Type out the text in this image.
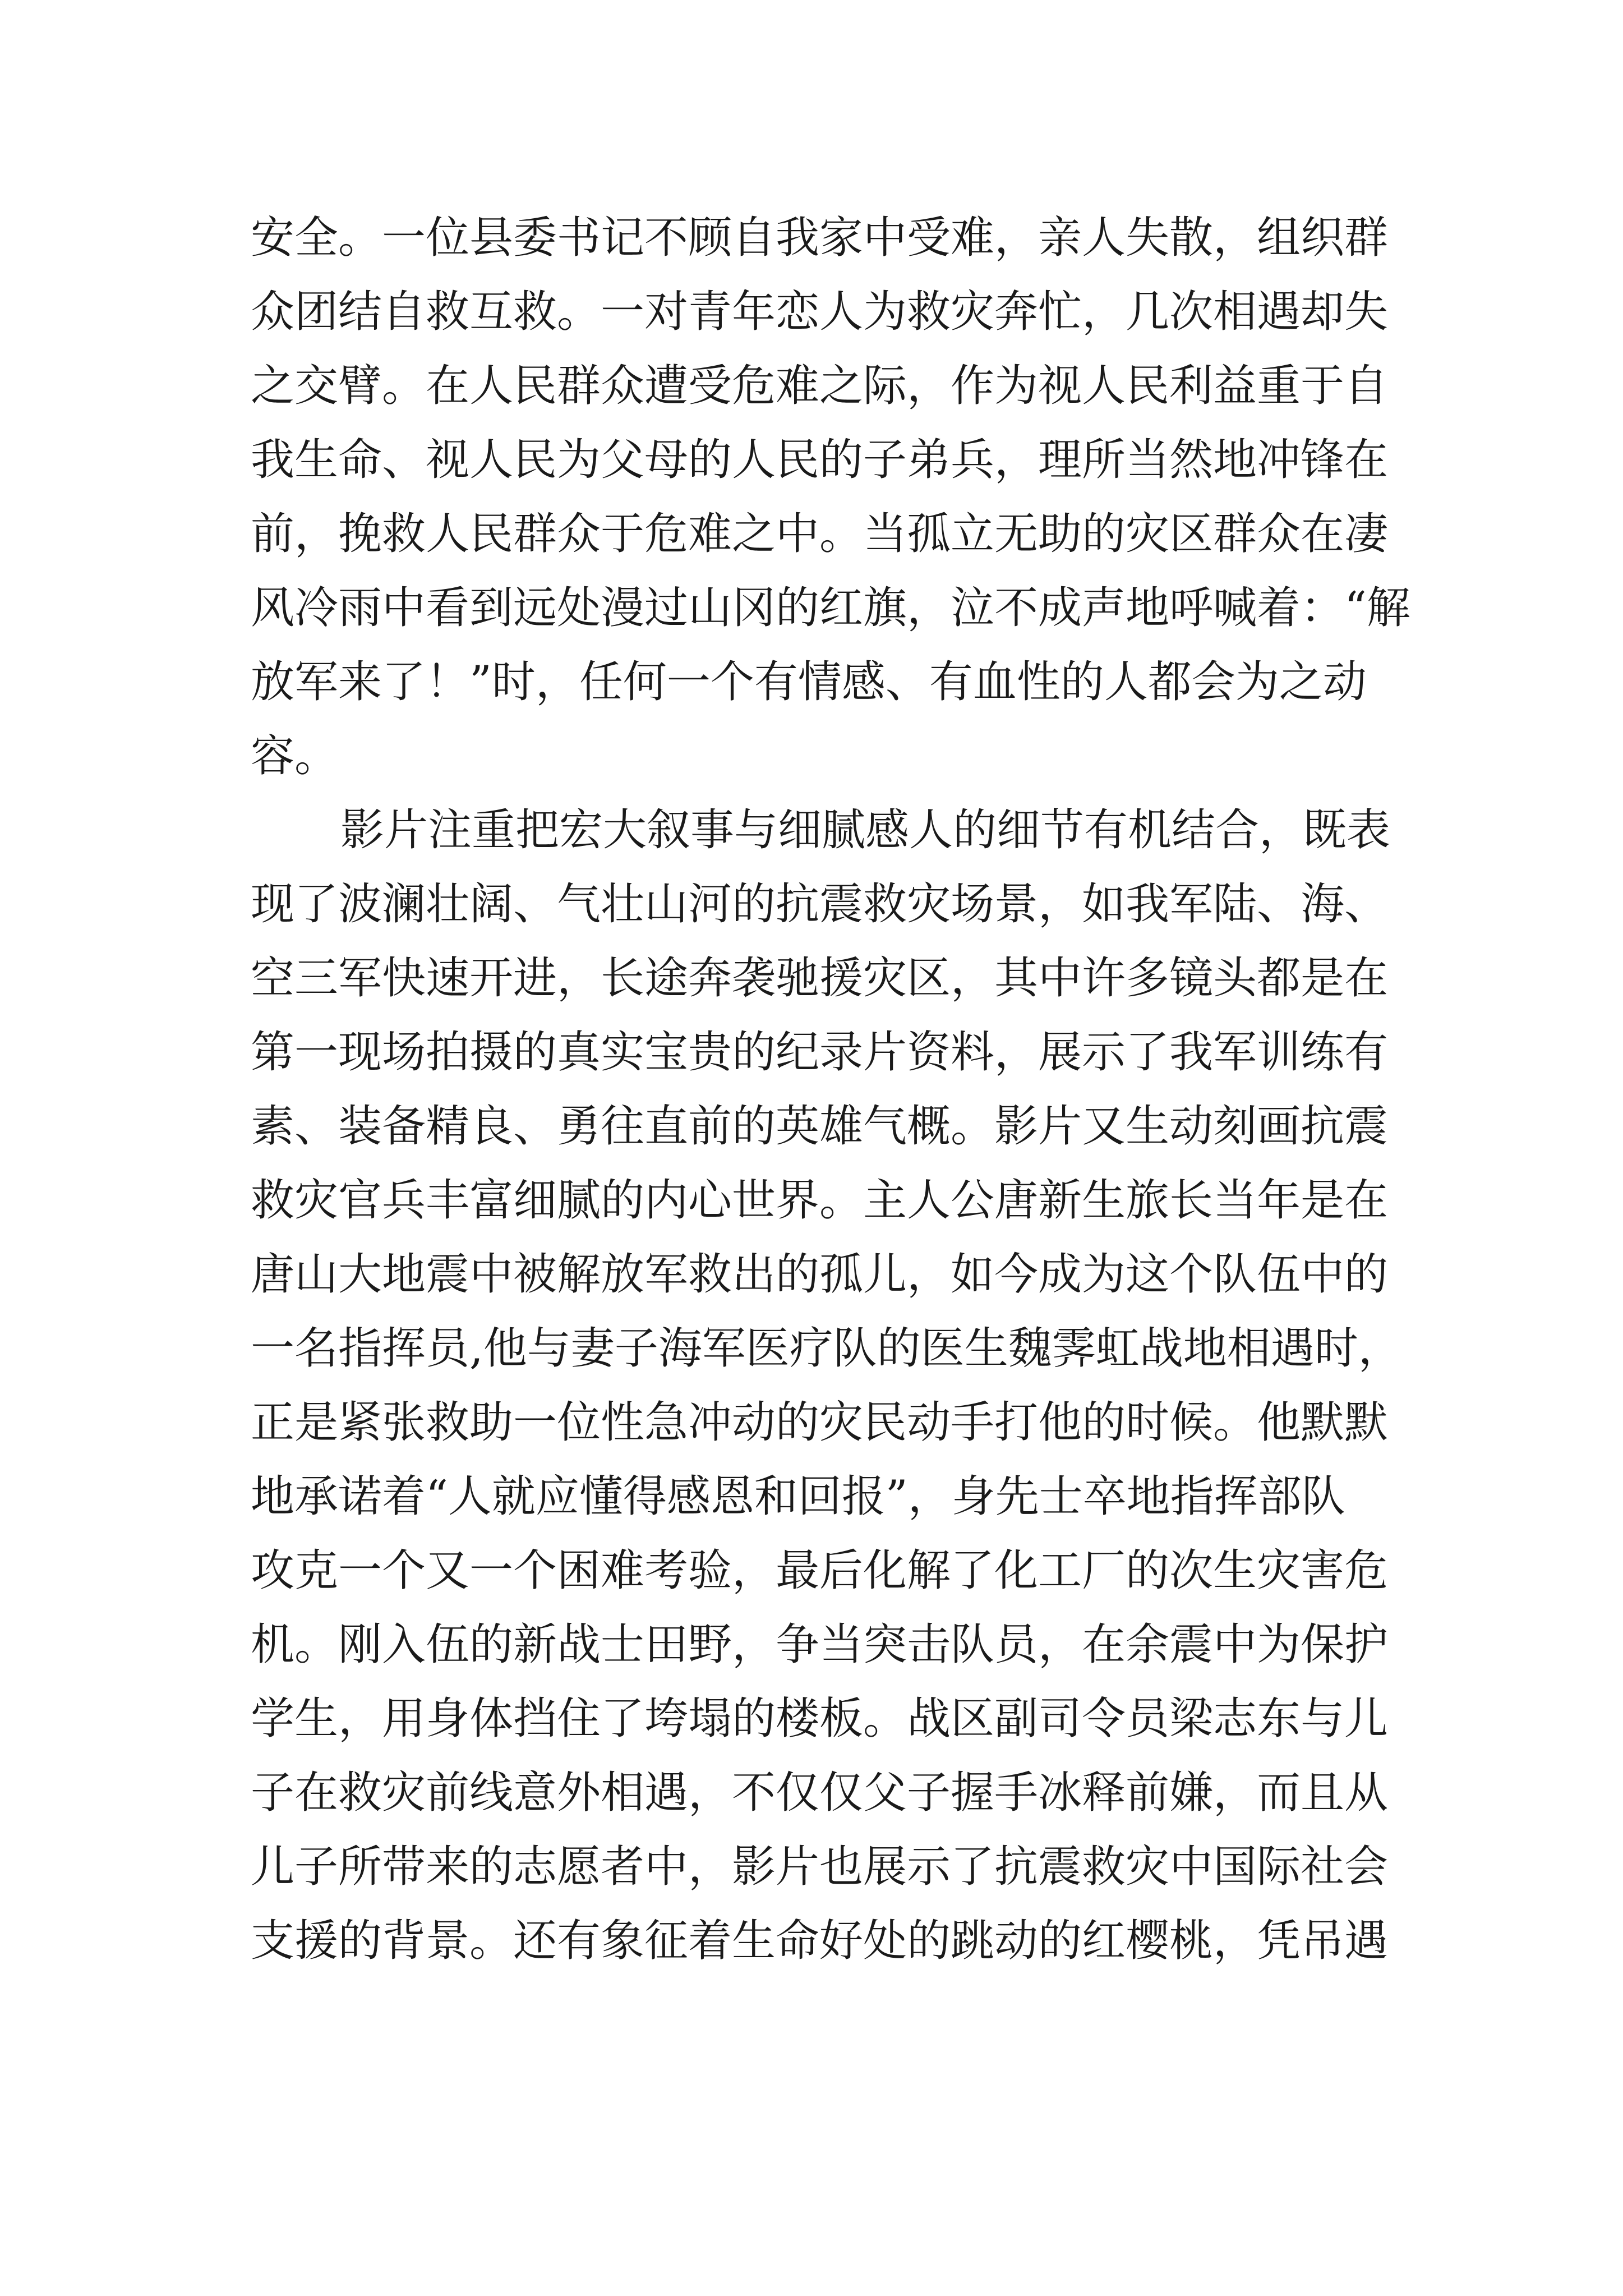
安全。一位县委书记不顾自我家中受难，亲人失散，组织群
众团结自救互救。一对青年恋人为救灾奔忙，几次相遇却失
之交臂。在人民群众遭受危难之际，作为视人民利益重于自
我生命、视人民为父母的人民的子弟兵，理所当然地冲锋在
前，挽救人民群众于危难之中。当孤立无助的灾区群众在凄
风冷雨中看到远处漫过山冈的红旗，泣不成声地呼喊着：“解
放军来了！”时，任何一个有情感、有血性的人都会为之动
容。
影片注重把宏大叙事与细腻感人的细节有机结合，既表
现了波澜壮阔、气壮山河的抗震救灾场景，如我军陆、海、
空三军快速开进，长途奔袭驰援灾区，其中许多镜头都是在
第一现场拍摄的真实宝贵的纪录片资料，展示了我军训练有
素、装备精良、勇往直前的英雄气概。影片又生动刻画抗震
救灾官兵丰富细腻的内心世界。主人公唐新生旅长当年是在
唐山大地震中被解放军救出的孤儿，如今成为这个队伍中的
一名指挥员,他与妻子海军医疗队的医生魏霁虹战地相遇时，
正是紧张救助一位性急冲动的灾民动手打他的时候。他默默
地承诺着“人就应懂得感恩和回报”，身先士卒地指挥部队
攻克一个又一个困难考验，最后化解了化工厂的次生灾害危
机。刚入伍的新战士田野，争当突击队员，在余震中为保护
学生，用身体挡住了垮塌的楼板。战区副司令员梁志东与儿
子在救灾前线意外相遇，不仅仅父子握手冰释前嫌，而且从
儿子所带来的志愿者中，影片也展示了抗震救灾中国际社会
支援的背景。还有象征着生命好处的跳动的红樱桃，凭吊遇
